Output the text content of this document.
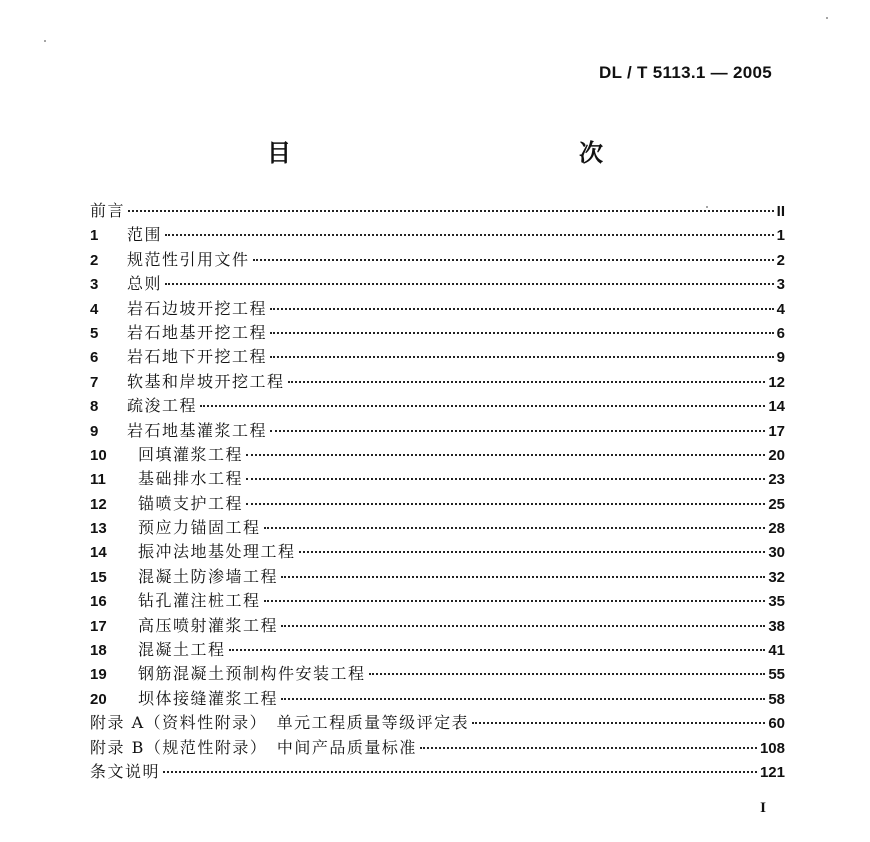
DL / T 5113.1 — 2005
目　　次
前言	II
1	范围	1
2	规范性引用文件	2
3	总则	3
4	岩石边坡开挖工程	4
5	岩石地基开挖工程	6
6	岩石地下开挖工程	9
7	软基和岸坡开挖工程	12
8	疏浚工程	14
9	岩石地基灌浆工程	17
10	回填灌浆工程	20
11	基础排水工程	23
12	锚喷支护工程	25
13	预应力锚固工程	28
14	振冲法地基处理工程	30
15	混凝土防渗墙工程	32
16	钻孔灌注桩工程	35
17	高压喷射灌浆工程	38
18	混凝土工程	41
19	钢筋混凝土预制构件安装工程	55
20	坝体接缝灌浆工程	58
附录 A（资料性附录）　单元工程质量等级评定表	60
附录 B（规范性附录）　中间产品质量标准	108
条文说明	121
I
